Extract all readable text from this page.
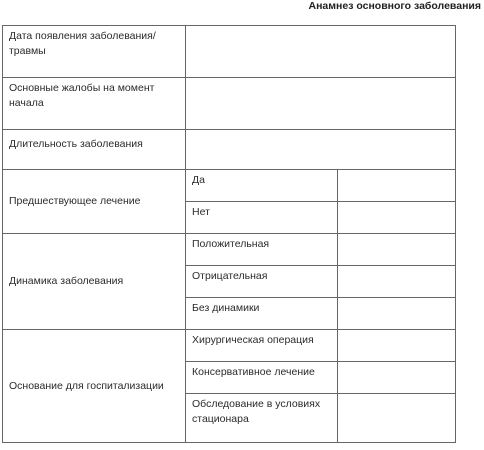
Анамнез основного заболевания
Дата появления заболевания/ травмы		
Основные жалобы на момент начала		
Длительность заболевания		
Предшествующее лечение	Да	
	Нет	
Динамика заболевания	Положительная	
	Отрицательная	
	Без динамики	
Основание для госпитализации	Хирургическая операция	
	Консервативное лечение	
	Обследование в условиях стационара	
